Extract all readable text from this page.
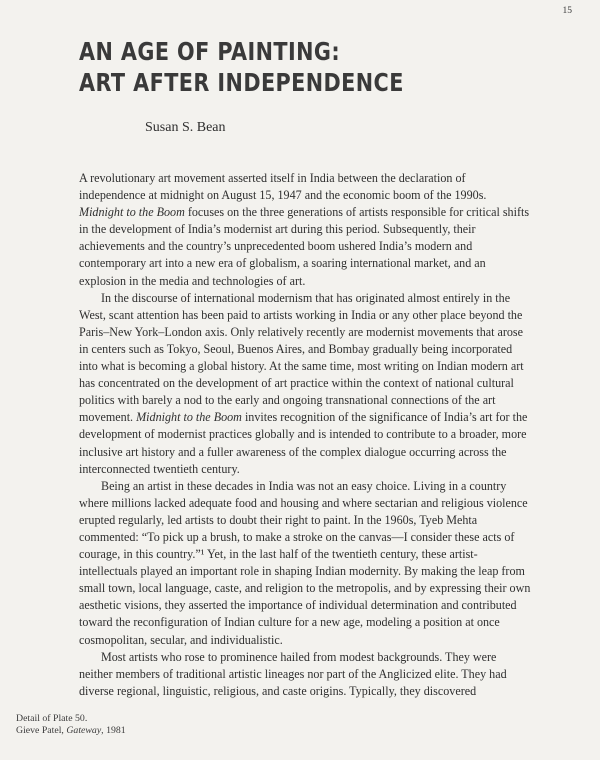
15
AN AGE OF PAINTING:
ART AFTER INDEPENDENCE
Susan S. Bean

A revolutionary art movement asserted itself in India between the declaration of independence at midnight on August 15, 1947 and the economic boom of the 1990s. Midnight to the Boom focuses on the three generations of artists responsible for critical shifts in the development of India’s modernist art during this period. Subsequently, their achievements and the country’s unprecedented boom ushered India’s modern and contemporary art into a new era of globalism, a soaring international market, and an explosion in the media and technologies of art.

In the discourse of international modernism that has originated almost entirely in the West, scant attention has been paid to artists working in India or any other place beyond the Paris–New York–London axis. Only relatively recently are modernist movements that arose in centers such as Tokyo, Seoul, Buenos Aires, and Bombay gradually being incorporated into what is becoming a global history. At the same time, most writing on Indian modern art has concentrated on the development of art practice within the context of national cultural politics with barely a nod to the early and ongoing transnational connections of the art movement. Midnight to the Boom invites recognition of the significance of India’s art for the development of modernist practices globally and is intended to contribute to a broader, more inclusive art history and a fuller awareness of the complex dialogue occurring across the interconnected twentieth century.

Being an artist in these decades in India was not an easy choice. Living in a country where millions lacked adequate food and housing and where sectarian and religious violence erupted regularly, led artists to doubt their right to paint. In the 1960s, Tyeb Mehta commented: “To pick up a brush, to make a stroke on the canvas—I consider these acts of courage, in this country.”¹ Yet, in the last half of the twentieth century, these artist-intellectuals played an important role in shaping Indian modernity. By making the leap from small town, local language, caste, and religion to the metropolis, and by expressing their own aesthetic visions, they asserted the importance of individual determination and contributed toward the reconfiguration of Indian culture for a new age, modeling a position at once cosmopolitan, secular, and individualistic.

Most artists who rose to prominence hailed from modest backgrounds. They were neither members of traditional artistic lineages nor part of the Anglicized elite. They had diverse regional, linguistic, religious, and caste origins. Typically, they discovered

Detail of Plate 50.
Gieve Patel, Gateway, 1981
